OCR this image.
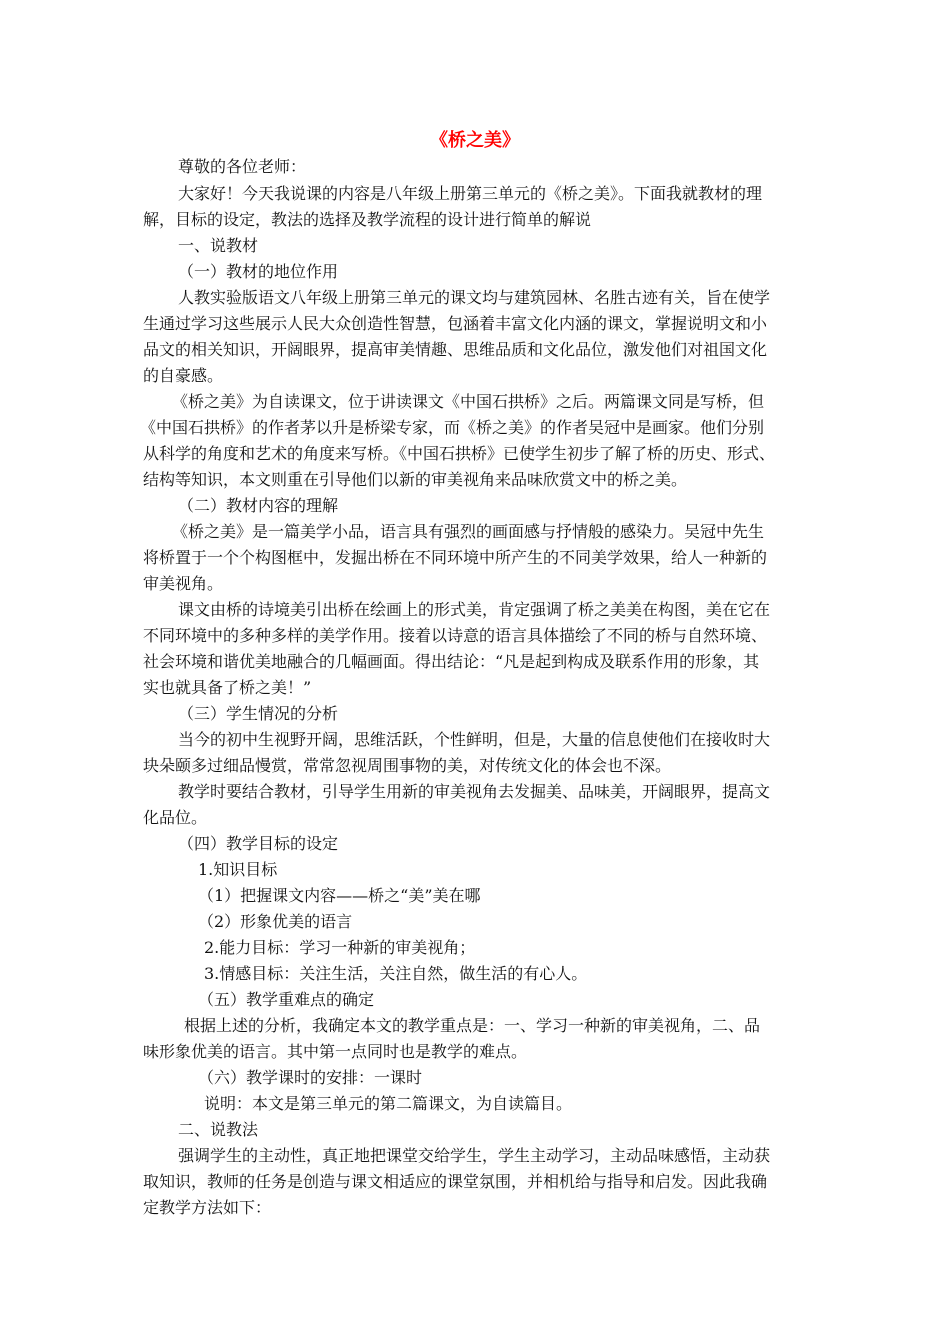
《桥之美》
尊敬的各位老师：
大家好！今天我说课的内容是八年级上册第三单元的《桥之美》。下面我就教材的理
解，目标的设定，教法的选择及教学流程的设计进行简单的解说
一、说教材
（一）教材的地位作用
人教实验版语文八年级上册第三单元的课文均与建筑园林、名胜古迹有关，旨在使学
生通过学习这些展示人民大众创造性智慧，包涵着丰富文化内涵的课文，掌握说明文和小
品文的相关知识，开阔眼界，提高审美情趣、思维品质和文化品位，激发他们对祖国文化
的自豪感。
《桥之美》为自读课文，位于讲读课文《中国石拱桥》之后。两篇课文同是写桥，但
《中国石拱桥》的作者茅以升是桥梁专家，而《桥之美》的作者吴冠中是画家。他们分别
从科学的角度和艺术的角度来写桥。《中国石拱桥》已使学生初步了解了桥的历史、形式、
结构等知识，本文则重在引导他们以新的审美视角来品味欣赏文中的桥之美。
（二）教材内容的理解
《桥之美》是一篇美学小品，语言具有强烈的画面感与抒情般的感染力。吴冠中先生
将桥置于一个个构图框中，发掘出桥在不同环境中所产生的不同美学效果，给人一种新的
审美视角。
课文由桥的诗境美引出桥在绘画上的形式美，肯定强调了桥之美美在构图，美在它在
不同环境中的多种多样的美学作用。接着以诗意的语言具体描绘了不同的桥与自然环境、
社会环境和谐优美地融合的几幅画面。得出结论：“凡是起到构成及联系作用的形象，其
实也就具备了桥之美！”
（三）学生情况的分析
当今的初中生视野开阔，思维活跃，个性鲜明，但是，大量的信息使他们在接收时大
块朵颐多过细品慢赏，常常忽视周围事物的美，对传统文化的体会也不深。
教学时要结合教材，引导学生用新的审美视角去发掘美、品味美，开阔眼界，提高文
化品位。
（四）教学目标的设定
1.知识目标
（1）把握课文内容——桥之“美”美在哪
（2）形象优美的语言
2.能力目标：学习一种新的审美视角；
3.情感目标：关注生活，关注自然，做生活的有心人。
（五）教学重难点的确定
根据上述的分析，我确定本文的教学重点是：一、学习一种新的审美视角，二、品
味形象优美的语言。其中第一点同时也是教学的难点。
（六）教学课时的安排：一课时
说明：本文是第三单元的第二篇课文，为自读篇目。
二、说教法
强调学生的主动性，真正地把课堂交给学生，学生主动学习，主动品味感悟，主动获
取知识，教师的任务是创造与课文相适应的课堂氛围，并相机给与指导和启发。因此我确
定教学方法如下：
